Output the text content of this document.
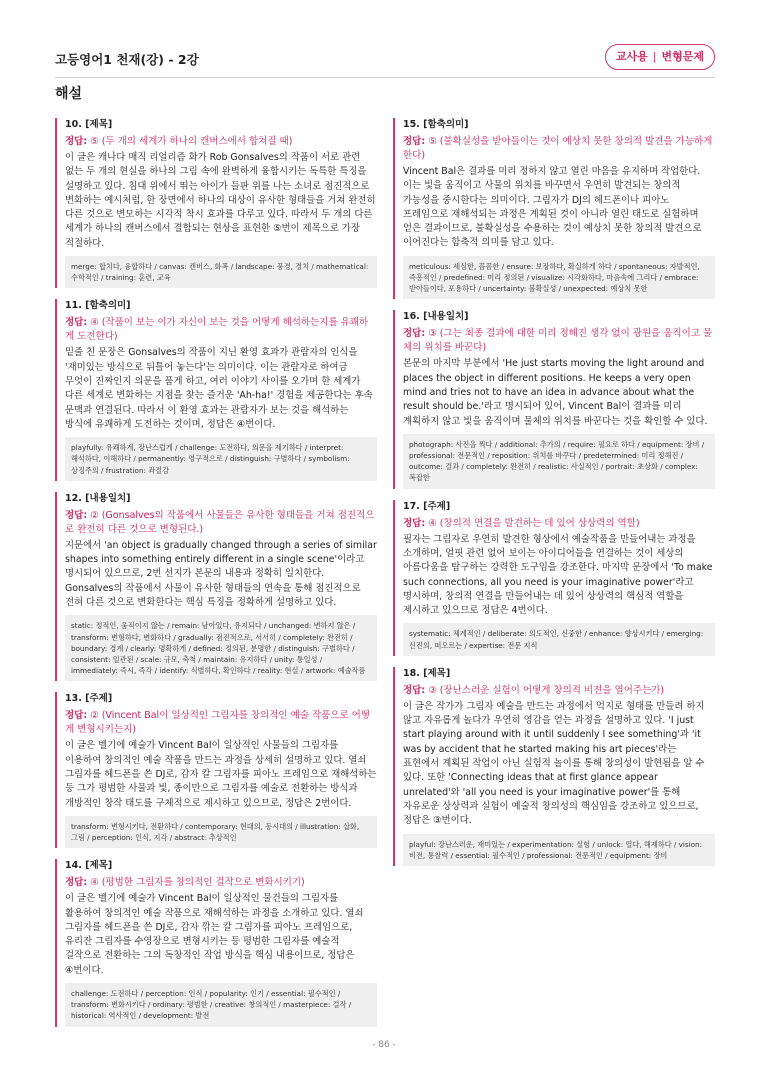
고등영어1 천재(강) - 2강	교사용 | 변형문제
해설
10. [제목]
정답: ⑤ (두 개의 세계가 하나의 캔버스에서 합쳐질 때)
이 글은 캐나다 매직 리얼리즘 화가 Rob Gonsalves의 작품이 서로 관련 없는 두 개의 현실을 하나의 그림 속에 완벽하게 융합시키는 독특한 특징을 설명하고 있다. 침대 위에서 뛰는 아이가 들판 위를 나는 소녀로 점진적으로 변화하는 예시처럼, 한 장면에서 하나의 대상이 유사한 형태들을 거쳐 완전히 다른 것으로 변모하는 시각적 착시 효과를 다루고 있다. 따라서 두 개의 다른 세계가 하나의 캔버스에서 결합되는 현상을 표현한 ⑤번이 제목으로 가장 적절하다.
merge: 합치다, 융합하다 / canvas: 캔버스, 화폭 / landscape: 풍경, 경치 / mathematical: 수학적인 / training: 훈련, 교육
11. [함축의미]
정답: ④ (작품이 보는 이가 자신이 보는 것을 어떻게 해석하는지를 유쾌하게 도전한다)
밑줄 친 문장은 Gonsalves의 작품이 지닌 환영 효과가 관람자의 인식을 '재미있는 방식으로 뒤틀어 놓는다'는 의미이다. 이는 관람자로 하여금 무엇이 진짜인지 의문을 품게 하고, 여러 이야기 사이를 오가며 한 세계가 다른 세계로 변화하는 지점을 찾는 즐거운 'Ah-ha!' 경험을 제공한다는 후속 문맥과 연결된다. 따라서 이 환영 효과는 관람자가 보는 것을 해석하는 방식에 유쾌하게 도전하는 것이며, 정답은 ④번이다.
playfully: 유쾌하게, 장난스럽게 / challenge: 도전하다, 의문을 제기하다 / interpret: 해석하다, 이해하다 / permanently: 영구적으로 / distinguish: 구별하다 / symbolism: 상징주의 / frustration: 좌절감
12. [내용일치]
정답: ② (Gonsalves의 작품에서 사물들은 유사한 형태들을 거쳐 점진적으로 완전히 다른 것으로 변형된다.)
지문에서 'an object is gradually changed through a series of similar shapes into something entirely different in a single scene'이라고 명시되어 있으므로, 2번 선지가 본문의 내용과 정확히 일치한다. Gonsalves의 작품에서 사물이 유사한 형태들의 연속을 통해 점진적으로 전혀 다른 것으로 변화한다는 핵심 특징을 정확하게 설명하고 있다.
static: 정적인, 움직이지 않는 / remain: 남아있다, 유지되다 / unchanged: 변하지 않은 / transform: 변형하다, 변화하다 / gradually: 점진적으로, 서서히 / completely: 완전히 / boundary: 경계 / clearly: 명확하게 / defined: 정의된, 분명한 / distinguish: 구별하다 / consistent: 일관된 / scale: 규모, 축척 / maintain: 유지하다 / unity: 통일성 / immediately: 즉시, 즉각 / identify: 식별하다, 확인하다 / reality: 현실 / artwork: 예술작품
13. [주제]
정답: ② (Vincent Bal이 일상적인 그림자를 창의적인 예술 작품으로 어떻게 변형시키는지)
이 글은 벨기에 예술가 Vincent Bal이 일상적인 사물들의 그림자를 이용하여 창의적인 예술 작품을 만드는 과정을 상세히 설명하고 있다. 열쇠 그림자를 헤드폰을 쓴 DJ로, 감자 칼 그림자를 피아노 프레임으로 재해석하는 등 그가 평범한 사물과 빛, 종이만으로 그림자를 예술로 전환하는 방식과 개방적인 창작 태도를 구체적으로 제시하고 있으므로, 정답은 2번이다.
transform: 변형시키다, 전환하다 / contemporary: 현대의, 동시대의 / illustration: 삽화, 그림 / perception: 인식, 지각 / abstract: 추상적인
14. [제목]
정답: ④ (평범한 그림자를 창의적인 걸작으로 변화시키기)
이 글은 벨기에 예술가 Vincent Bal이 일상적인 물건들의 그림자를 활용하여 창의적인 예술 작품으로 재해석하는 과정을 소개하고 있다. 열쇠 그림자를 헤드폰을 쓴 DJ로, 감자 깎는 칼 그림자를 피아노 프레임으로, 유리잔 그림자를 수영장으로 변형시키는 등 평범한 그림자를 예술적 걸작으로 전환하는 그의 독창적인 작업 방식을 핵심 내용이므로, 정답은 ④번이다.
challenge: 도전하다 / perception: 인식 / popularity: 인기 / essential: 필수적인 / transform: 변화시키다 / ordinary: 평범한 / creative: 창의적인 / masterpiece: 걸작 / historical: 역사적인 / development: 발전
15. [함축의미]
정답: ⑤ (불확실성을 받아들이는 것이 예상치 못한 창의적 발견을 가능하게 한다)
Vincent Bal은 결과를 미리 정하지 않고 열린 마음을 유지하며 작업한다. 이는 빛을 움직이고 사물의 위치를 바꾸면서 우연히 발견되는 창의적 가능성을 중시한다는 의미이다. 그림자가 DJ의 헤드폰이나 피아노 프레임으로 재해석되는 과정은 계획된 것이 아니라 열린 태도로 실험하며 얻은 결과이므로, 불확실성을 수용하는 것이 예상치 못한 창의적 발견으로 이어진다는 함축적 의미를 담고 있다.
meticulous: 세심한, 꼼꼼한 / ensure: 보장하다, 확실하게 하다 / spontaneous: 자발적인, 즉흥적인 / predefined: 미리 정의된 / visualize: 시각화하다, 마음속에 그리다 / embrace: 받아들이다, 포용하다 / uncertainty: 불확실성 / unexpected: 예상치 못한
16. [내용일치]
정답: ③ (그는 최종 결과에 대한 미리 정해진 생각 없이 광원을 움직이고 물체의 위치를 바꾼다)
본문의 마지막 부분에서 'He just starts moving the light around and places the object in different positions. He keeps a very open mind and tries not to have an idea in advance about what the result should be.'라고 명시되어 있어, Vincent Bal이 결과를 미리 계획하지 않고 빛을 움직이며 물체의 위치를 바꾼다는 것을 확인할 수 있다.
photograph: 사진을 찍다 / additional: 추가의 / require: 필요로 하다 / equipment: 장비 / professional: 전문적인 / reposition: 위치를 바꾸다 / predetermined: 미리 정해진 / outcome: 결과 / completely: 완전히 / realistic: 사실적인 / portrait: 초상화 / complex: 복잡한
17. [주제]
정답: ④ (창의적 연결을 발견하는 데 있어 상상력의 역할)
필자는 그림자로 우연히 발견한 형상에서 예술작품을 만들어내는 과정을 소개하며, 얼핏 관련 없어 보이는 아이디어들을 연결하는 것이 세상의 아름다움을 탐구하는 강력한 도구임을 강조한다. 마지막 문장에서 'To make such connections, all you need is your imaginative power'라고 명시하며, 창의적 연결을 만들어내는 데 있어 상상력의 핵심적 역할을 제시하고 있으므로 정답은 4번이다.
systematic: 체계적인 / deliberate: 의도적인, 신중한 / enhance: 향상시키다 / emerging: 신진의, 떠오르는 / expertise: 전문 지식
18. [제목]
정답: ③ (장난스러운 실험이 어떻게 창의적 비전을 열어주는가)
이 글은 작가가 그림자 예술을 만드는 과정에서 억지로 형태를 만들려 하지 않고 자유롭게 놀다가 우연히 영감을 얻는 과정을 설명하고 있다. 'I just start playing around with it until suddenly I see something'과 'it was by accident that he started making his art pieces'라는 표현에서 계획된 작업이 아닌 실험적 놀이를 통해 창의성이 발현됨을 알 수 있다. 또한 'Connecting ideas that at first glance appear unrelated'와 'all you need is your imaginative power'를 통해 자유로운 상상력과 실험이 예술적 창의성의 핵심임을 강조하고 있으므로, 정답은 ③번이다.
playful: 장난스러운, 재미있는 / experimentation: 실험 / unlock: 열다, 해제하다 / vision: 비전, 통찰력 / essential: 필수적인 / professional: 전문적인 / equipment: 장비
- 86 -
